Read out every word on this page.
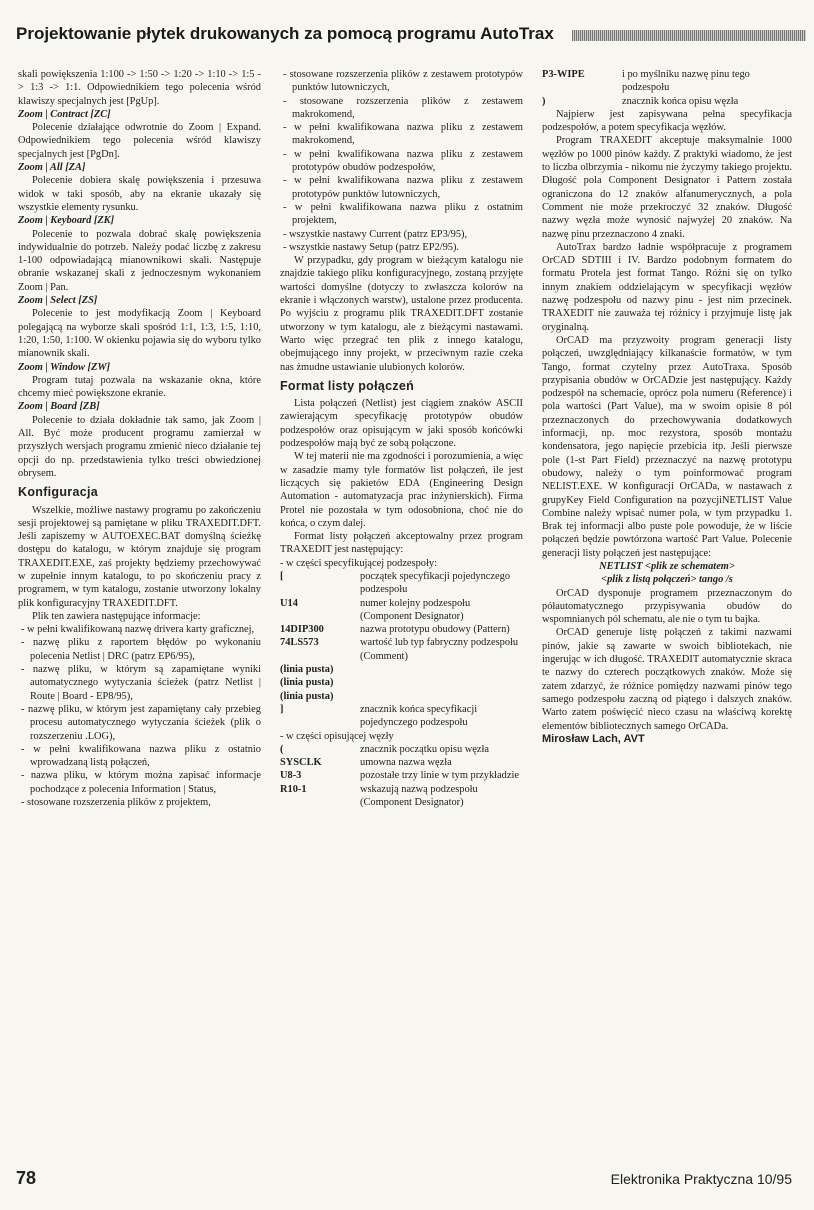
Projektowanie płytek drukowanych za pomocą programu AutoTrax

skali powiększenia 1:100 -> 1:50 -> 1:20 -> 1:10 -> 1:5 -> 1:3 -> 1:1. Odpowiednikiem tego polecenia wśród klawiszy specjalnych jest [PgUp].

Zoom | Contract [ZC]

Polecenie działające odwrotnie do Zoom | Expand. Odpowiednikiem tego polecenia wśród klawiszy specjalnych jest [PgDn].

Zoom | All [ZA]

Polecenie dobiera skalę powiększenia i przesuwa widok w taki sposób, aby na ekranie ukazały się wszystkie elementy rysunku.

Zoom | Keyboard [ZK]

Polecenie to pozwala dobrać skalę powiększenia indywidualnie do potrzeb. Należy podać liczbę z zakresu 1-100 odpowiadającą mianownikowi skali. Następuje obranie wskazanej skali z jednoczesnym wykonaniem Zoom | Pan.

Zoom | Select [ZS]

Polecenie to jest modyfikacją Zoom | Keyboard polegającą na wyborze skali spośród 1:1, 1:3, 1:5, 1:10, 1:20, 1:50, 1:100. W okienku pojawia się do wyboru tylko mianownik skali.

Zoom | Window [ZW]

Program tutaj pozwala na wskazanie okna, które chcemy mieć powiększone ekranie.

Zoom | Board [ZB]

Polecenie to działa dokładnie tak samo, jak Zoom | All. Być może producent programu zamierzał w przyszłych wersjach programu zmienić nieco działanie tej opcji do np. przedstawienia tylko treści obwiedzionej obrysem.

Konfiguracja

Wszelkie, możliwe nastawy programu po zakończeniu sesji projektowej są pamiętane w pliku TRAXEDIT.DFT. Jeśli zapiszemy w AUTOEXEC.BAT domyślną ścieżkę dostępu do katalogu, w którym znajduje się program TRAXEDIT.EXE, zaś projekty będziemy przechowywać w zupełnie innym katalogu, to po skończeniu pracy z programem, w tym katalogu, zostanie utworzony lokalny plik konfiguracyjny TRAXEDIT.DFT.

Plik ten zawiera następujące informacje:

- w pełni kwalifikowaną nazwę drivera karty graficznej,
- nazwę pliku z raportem błędów po wykonaniu polecenia Netlist | DRC (patrz EP6/95),
- nazwę pliku, w którym są zapamiętane wyniki automatycznego wytyczania ścieżek (patrz Netlist | Route | Board - EP8/95),
- nazwę pliku, w którym jest zapamiętany cały przebieg procesu automatycznego wytyczania ścieżek (plik o rozszerzeniu .LOG),
- w pełni kwalifikowana nazwa pliku z ostatnio wprowadzaną listą połączeń,
- nazwa pliku, w którym można zapisać informacje pochodzące z polecenia Information | Status,
- stosowane rozszerzenia plików z projektem,
- stosowane rozszerzenia plików z zestawem prototypów punktów lutowniczych,
- stosowane rozszerzenia plików z zestawem makrokomend,
- w pełni kwalifikowana nazwa pliku z zestawem makrokomend,
- w pełni kwalifikowana nazwa pliku z zestawem prototypów obudów podzespołów,
- w pełni kwalifikowana nazwa pliku z zestawem prototypów punktów lutowniczych,
- w pełni kwalifikowana nazwa pliku z ostatnim projektem,
- wszystkie nastawy Current (patrz EP3/95),
- wszystkie nastawy Setup (patrz EP2/95).

W przypadku, gdy program w bieżącym katalogu nie znajdzie takiego pliku konfiguracyjnego, zostaną przyjęte wartości domyślne (dotyczy to zwłaszcza kolorów na ekranie i włączonych warstw), ustalone przez producenta. Po wyjściu z programu plik TRAXEDIT.DFT zostanie utworzony w tym katalogu, ale z bieżącymi nastawami. Warto więc przegrać ten plik z innego katalogu, obejmującego inny projekt, w przeciwnym razie czeka nas żmudne ustawianie ulubionych kolorów.

Format listy połączeń

Lista połączeń (Netlist) jest ciągiem znaków ASCII zawierającym specyfikację prototypów obudów podzespołów oraz opisującym w jaki sposób końcówki podzespołów mają być ze sobą połączone.

W tej materii nie ma zgodności i porozumienia, a więc w zasadzie mamy tyle formatów list połączeń, ile jest liczących się pakietów EDA (Engineering Design Automation - automatyzacja prac inżynierskich). Firma Protel nie pozostała w tym odosobniona, choć nie do końca, o czym dalej.

Format listy połączeń akceptowalny przez program TRAXEDIT jest następujący:

- w części specyfikującej podzespoły:

[	początek specyfikacji pojedynczego podzespołu
U14	numer kolejny podzespołu (Component Designator)
14DIP300	nazwa prototypu obudowy (Pattern)
74LS573	wartość lub typ fabryczny podzespołu (Comment)
(linia pusta)	
(linia pusta)	
(linia pusta)	
]	znacznik końca specyfikacji pojedynczego podzespołu

- w części opisującej węzły

(	znacznik początku opisu węzła
SYSCLK	umowna nazwa węzła
U8-3	pozostałe trzy linie w tym przykładzie
R10-1	wskazują nazwą podzespołu (Component Designator)
P3-WIPE	i po myślniku nazwę pinu tego podzespołu
)	znacznik końca opisu węzła

Najpierw jest zapisywana pełna specyfikacja podzespołów, a potem specyfikacja węzłów.

Program TRAXEDIT akceptuje maksymalnie 1000 węzłów po 1000 pinów każdy. Z praktyki wiadomo, że jest to liczba olbrzymia - nikomu nie życzymy takiego projektu. Długość pola Component Designator i Pattern została ograniczona do 12 znaków alfanumerycznych, a pola Comment nie może przekroczyć 32 znaków. Długość nazwy węzła może wynosić najwyżej 20 znaków. Na nazwę pinu przeznaczono 4 znaki.

AutoTrax bardzo ładnie współpracuje z programem OrCAD SDTIII i IV. Bardzo podobnym formatem do formatu Protela jest format Tango. Różni się on tylko innym znakiem oddzielającym w specyfikacji węzłów nazwę podzespołu od nazwy pinu - jest nim przecinek. TRAXEDIT nie zauważa tej różnicy i przyjmuje listę jak oryginalną.

OrCAD ma przyzwoity program generacji listy połączeń, uwzględniający kilkanaście formatów, w tym Tango, format czytelny przez AutoTraxa. Sposób przypisania obudów w OrCADzie jest następujący. Każdy podzespół na schemacie, oprócz pola numeru (Reference) i pola wartości (Part Value), ma w swoim opisie 8 pól przeznaczonych do przechowywania dodatkowych informacji, np. moc rezystora, sposób montażu kondensatora, jego napięcie przebicia itp. Jeśli pierwsze pole (1-st Part Field) przeznaczyć na nazwę prototypu obudowy, należy o tym poinformować program NELIST.EXE. W konfiguracji OrCADa, w nastawach z grupyKey Field Configuration na pozycjiNETLIST Value Combine należy wpisać numer pola, w tym przypadku 1. Brak tej informacji albo puste pole powoduje, że w liście połączeń będzie powtórzona wartość Part Value. Polecenie generacji listy połączeń jest następujące:

NETLIST <plik ze schematem>

<plik z listą połączeń> tango /s

OrCAD dysponuje programem przeznaczonym do półautomatycznego przypisywania obudów do wspomnianych pól schematu, ale nie o tym tu bajka.

OrCAD generuje listę połączeń z takimi nazwami pinów, jakie są zawarte w swoich bibliotekach, nie ingerując w ich długość. TRAXEDIT automatycznie skraca te nazwy do czterech początkowych znaków. Może się zatem zdarzyć, że różnice pomiędzy nazwami pinów tego samego podzespołu zaczną od piątego i dalszych znaków. Warto zatem poświęcić nieco czasu na właściwą korektę elementów bibliotecznych samego OrCADa.

Mirosław Lach, AVT

78	Elektronika Praktyczna 10/95
